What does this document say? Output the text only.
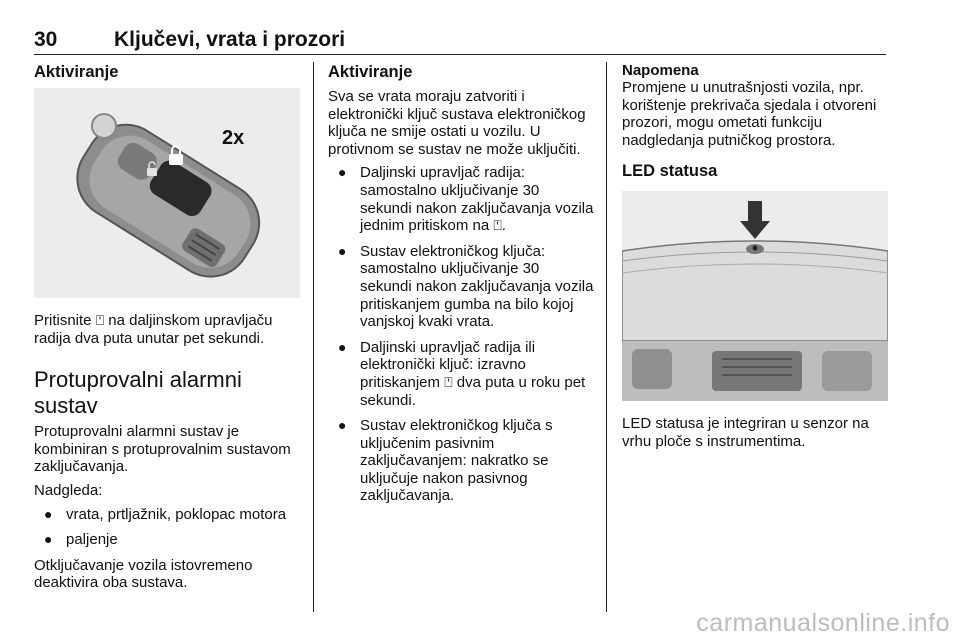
30	Ključevi, vrata i prozori
Aktiviranje
2x

Pritisnite ⍞ na daljinskom upravljaču radija dva puta unutar pet sekundi.

Protuprovalni alarmni sustav

Protuprovalni alarmni sustav je kombiniran s protuprovalnim sustavom zaključavanja.

Nadgleda:

● vrata, prtljažnik, poklopac motora
● paljenje

Otključavanje vozila istovremeno deaktivira oba sustava.

Aktiviranje

Sva se vrata moraju zatvoriti i elektronički ključ sustava elektroničkog ključa ne smije ostati u vozilu. U protivnom se sustav ne može uključiti.

● Daljinski upravljač radija: samostalno uključivanje 30 sekundi nakon zaključavanja vozila jednim pritiskom na ⍞.
● Sustav elektroničkog ključa: samostalno uključivanje 30 sekundi nakon zaključavanja vozila pritiskanjem gumba na bilo kojoj vanjskoj kvaki vrata.
● Daljinski upravljač radija ili elektronički ključ: izravno pritiskanjem ⍞ dva puta u roku pet sekundi.
● Sustav elektroničkog ključa s uključenim pasivnim zaključavanjem: nakratko se uključuje nakon pasivnog zaključavanja.

Napomena

Promjene u unutrašnjosti vozila, npr. korištenje prekrivača sjedala i otvoreni prozori, mogu ometati funkciju nadgledanja putničkog prostora.

LED statusa

LED statusa je integriran u senzor na vrhu ploče s instrumentima.

carmanualsonline.info
